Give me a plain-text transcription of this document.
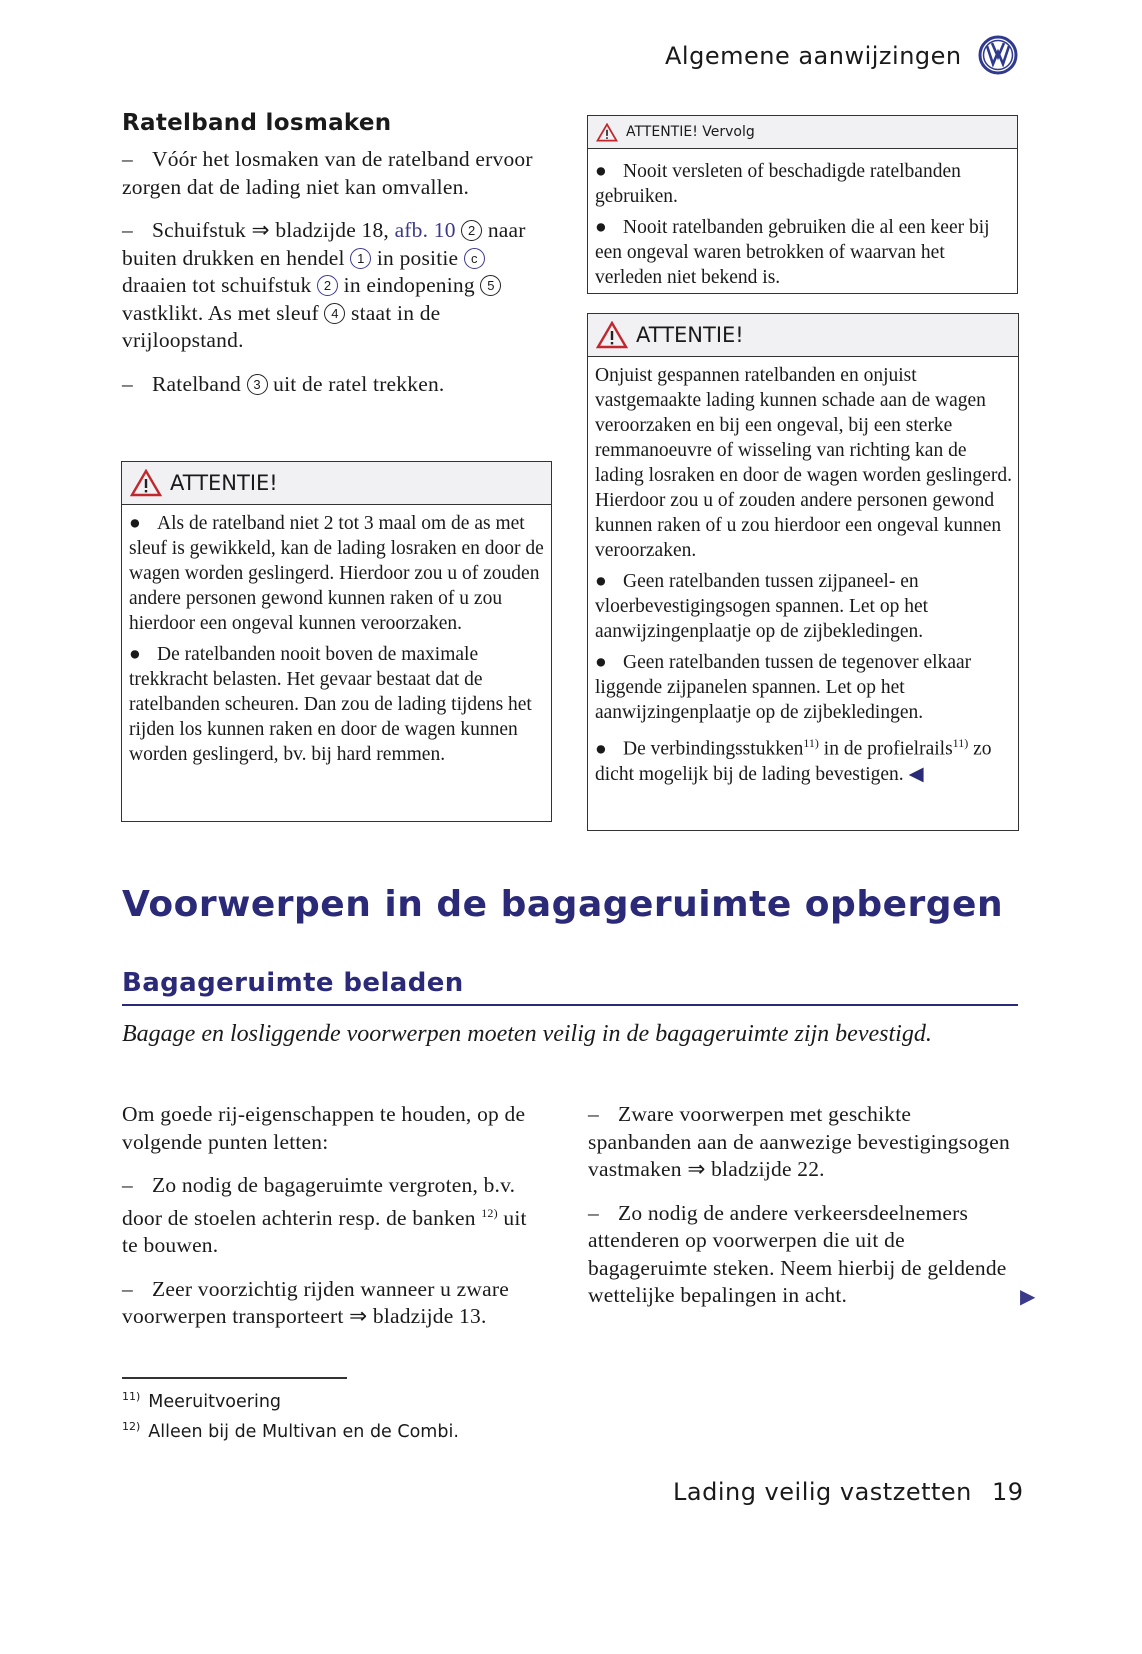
Algemene aanwijzingen
Ratelband losmaken

– Vóór het losmaken van de ratelband ervoor zorgen dat de lading niet kan omvallen.

– Schuifstuk ⇒ bladzijde 18, afb. 10 2 naar buiten drukken en hendel 1 in positie c draaien tot schuifstuk 2 in eindopening 5 vastklikt. As met sleuf 4 staat in de vrijloopstand.

– Ratelband 3 uit de ratel trekken.

ATTENTIE!

● Als de ratelband niet 2 tot 3 maal om de as met sleuf is gewikkeld, kan de lading losraken en door de wagen worden geslingerd. Hierdoor zou u of zouden andere personen gewond kunnen raken of u zou hierdoor een ongeval kunnen veroorzaken.

● De ratelbanden nooit boven de maximale trekkracht belasten. Het gevaar bestaat dat de ratelbanden scheuren. Dan zou de lading tijdens het rijden los kunnen raken en door de wagen kunnen worden geslingerd, bv. bij hard remmen.

ATTENTIE! Vervolg

● Nooit versleten of beschadigde ratelbanden gebruiken.

● Nooit ratelbanden gebruiken die al een keer bij een ongeval waren betrokken of waarvan het verleden niet bekend is.

ATTENTIE!

Onjuist gespannen ratelbanden en onjuist vastgemaakte lading kunnen schade aan de wagen veroorzaken en bij een ongeval, bij een sterke remmanoeuvre of wisseling van richting kan de lading losraken en door de wagen worden geslingerd. Hierdoor zou u of zouden andere personen gewond kunnen raken of u zou hierdoor een ongeval kunnen veroorzaken.

● Geen ratelbanden tussen zijpaneel- en vloerbevestigingsogen spannen. Let op het aanwijzingenplaatje op de zijbekledingen.

● Geen ratelbanden tussen de tegenover elkaar liggende zijpanelen spannen. Let op het aanwijzingenplaatje op de zijbekledingen.

● De verbindingsstukken$^{11)}$ in de profielrails$^{11)}$ zo dicht mogelijk bij de lading bevestigen. ◀

Voorwerpen in de bagageruimte opbergen
Bagageruimte beladen
Bagage en losliggende voorwerpen moeten veilig in de bagageruimte zijn bevestigd.

Om goede rij-eigenschappen te houden, op de volgende punten letten:

– Zo nodig de bagageruimte vergroten, b.v. door de stoelen achterin resp. de banken $^{12)}$ uit te bouwen.

– Zeer voorzichtig rijden wanneer u zware voorwerpen transporteert ⇒ bladzijde 13.

– Zware voorwerpen met geschikte spanbanden aan de aanwezige bevestigingsogen vastmaken ⇒ bladzijde 22.

– Zo nodig de andere verkeersdeelnemers attenderen op voorwerpen die uit de bagageruimte steken. Neem hierbij de geldende wettelijke bepalingen in acht.	▶
$^{11)}$ Meeruitvoering
$^{12)}$ Alleen bij de Multivan en de Combi.
Lading veilig vastzetten 19
